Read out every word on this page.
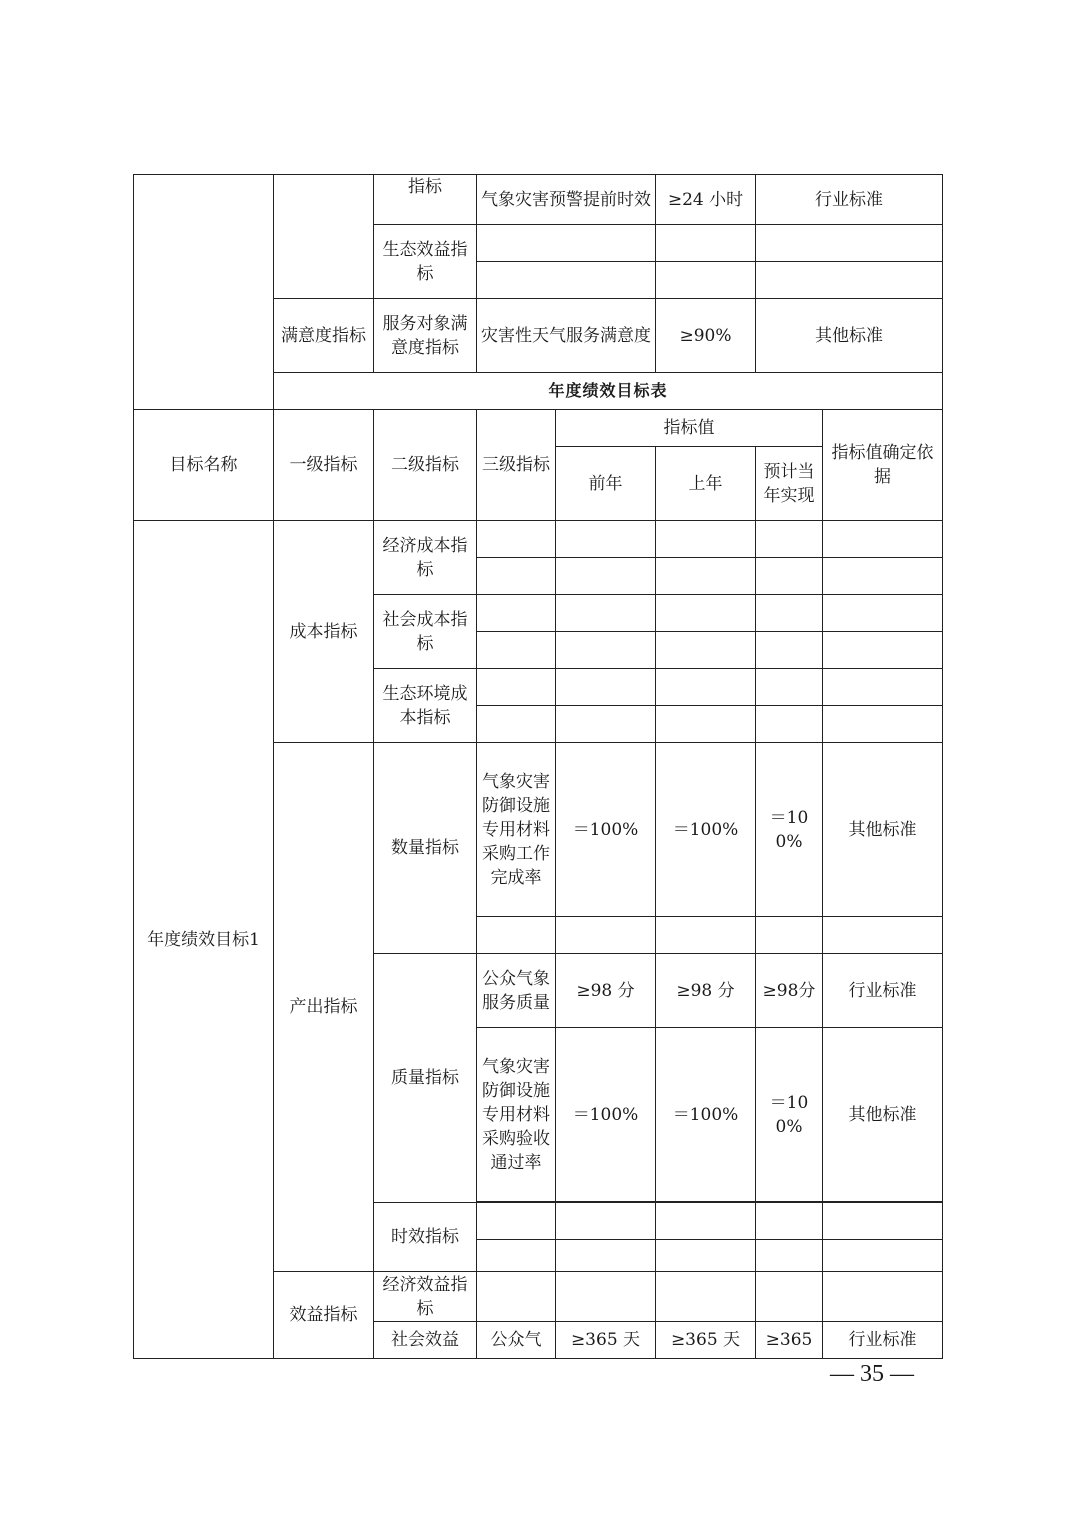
		指标	气象灾害预警提前时效	≥24 小时	行业标准
		生态效益指标			

	满意度指标	服务对象满意度指标	灾害性天气服务满意度	≥90%	其他标准
	年度绩效目标表				
目标名称	一级指标	二级指标	三级指标	指标值			指标值确定依据
				前年	上年	预计当年实现	
年度绩效目标1	成本指标	经济成本指标					

		社会成本指标					

		生态环境成本指标					

	产出指标	数量指标	气象灾害防御设施专用材料采购工作完成率	＝100%	＝100%	＝100%	其他标准

		质量指标	公众气象服务质量	≥98 分	≥98 分	≥98分	行业标准
			气象灾害防御设施专用材料采购验收通过率	＝100%	＝100%	＝100%	其他标准

		时效指标					

	效益指标	经济效益指标					
		社会效益	公众气	≥365 天	≥365 天	≥365	行业标准
— 35 —
